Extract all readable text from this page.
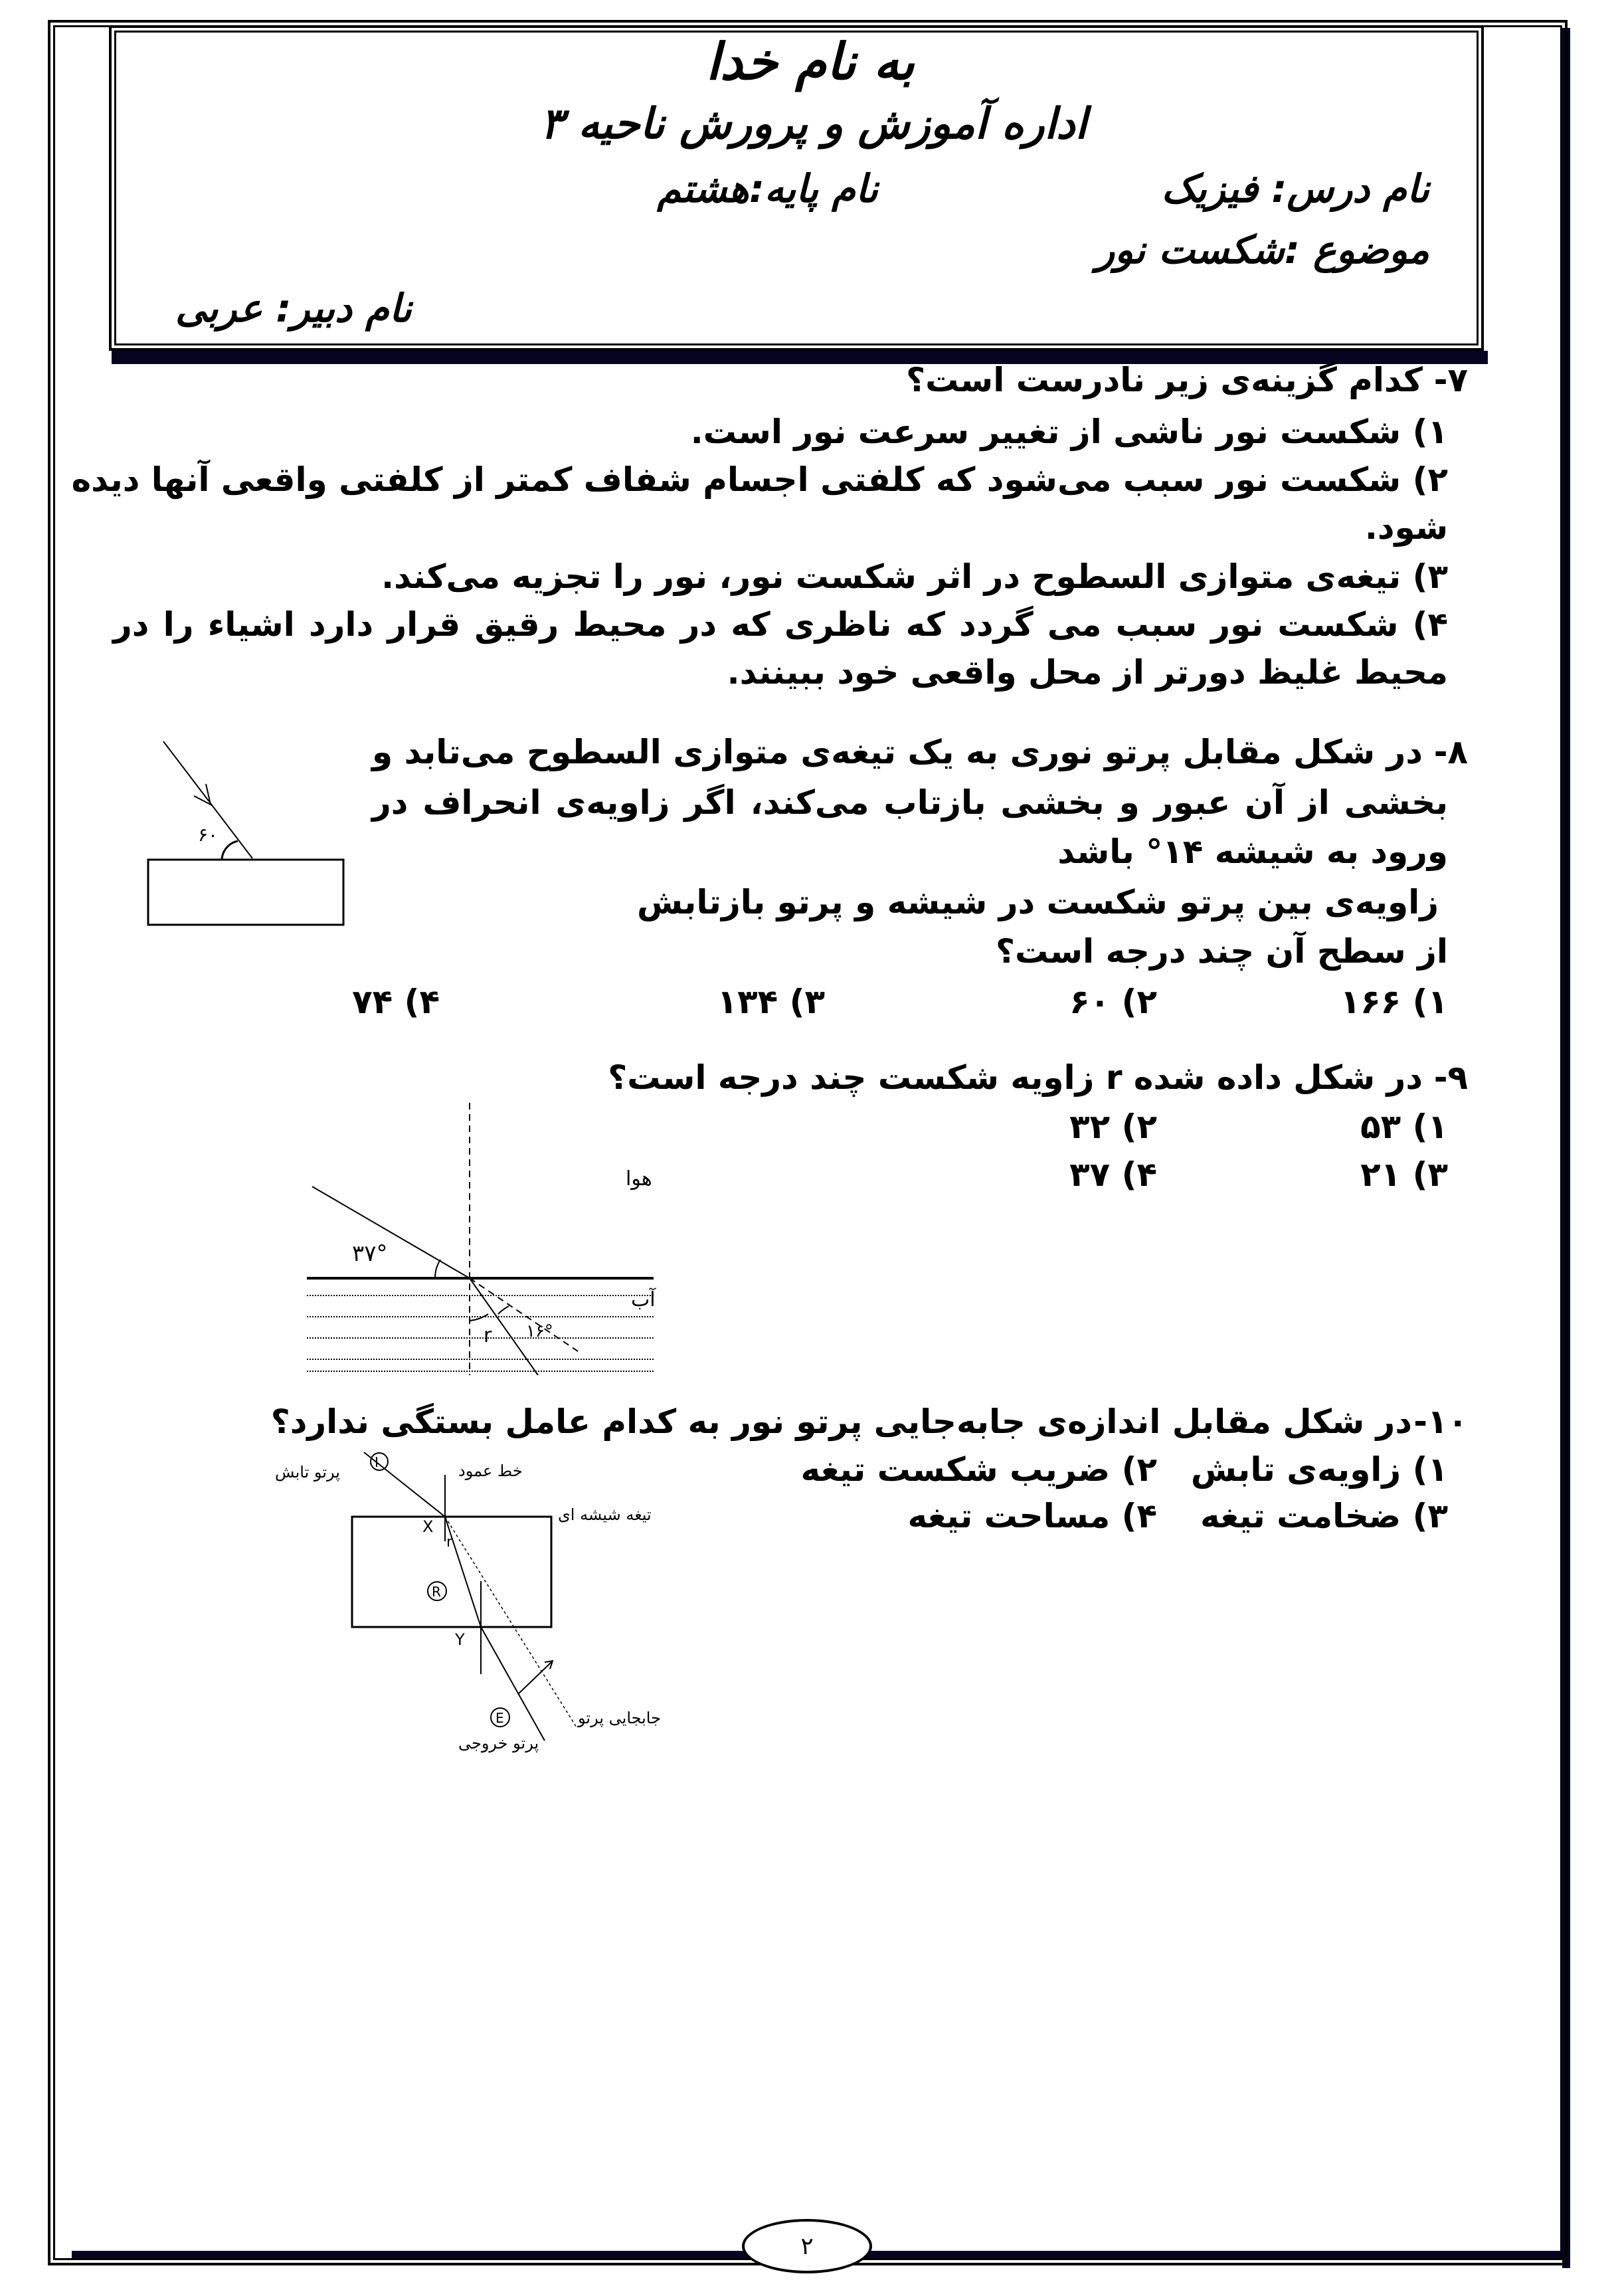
به نام خدا
اداره آموزش و پرورش ناحیه ۳
نام درس: فیزیک
نام پایه:هشتم
موضوع :شکست نور
نام دبیر: عربی
۷-
کدام گزینه‌ی زیر نادرست است؟
۱) شکست نور ناشی از تغییر سرعت نور است.
۲) شکست نور سبب می‌شود که کلفتی اجسام شفاف کمتر از کلفتی واقعی آنها دیده
شود.
۳) تیغه‌ی متوازی السطوح در اثر شکست نور، نور را تجزیه می‌کند.
۴) شکست نور سبب می گردد که ناظری که در محیط رقیق قرار دارد اشیاء را در
محیط غلیظ دورتر از محل واقعی خود ببینند.
۸-
در شکل مقابل پرتو نوری به یک تیغه‌ی متوازی السطوح می‌تابد و
بخشی از آن عبور و بخشی بازتاب می‌کند، اگر زاویه‌ی انحراف در
ورود به شیشه ۱۴° باشد
زاویه‌ی بین پرتو شکست در شیشه و پرتو بازتابش
از سطح آن چند درجه است؟
۱) ۱۶۶
۲) ۶۰
۳) ۱۳۴
۴) ۷۴
۶۰
۹-
در شکل داده شده r زاویه شکست چند درجه است؟
۱) ۵۳
۲) ۳۲
۳) ۲۱
۴) ۳۷
۳۷°
۱۶°
r
هوا
آب
۱۰-
در شکل مقابل اندازه‌ی جابه‌جایی پرتو نور به کدام عامل بستگی ندارد؟
۱) زاویه‌ی تابش
۲) ضریب شکست تیغه
۳) ضخامت تیغه
۴) مساحت تیغه
X
r
Y
I
R
E
پرتو تابش	خط عمود
تیغه شیشه ای
جابجایی پرتو
پرتو خروجی
۲
